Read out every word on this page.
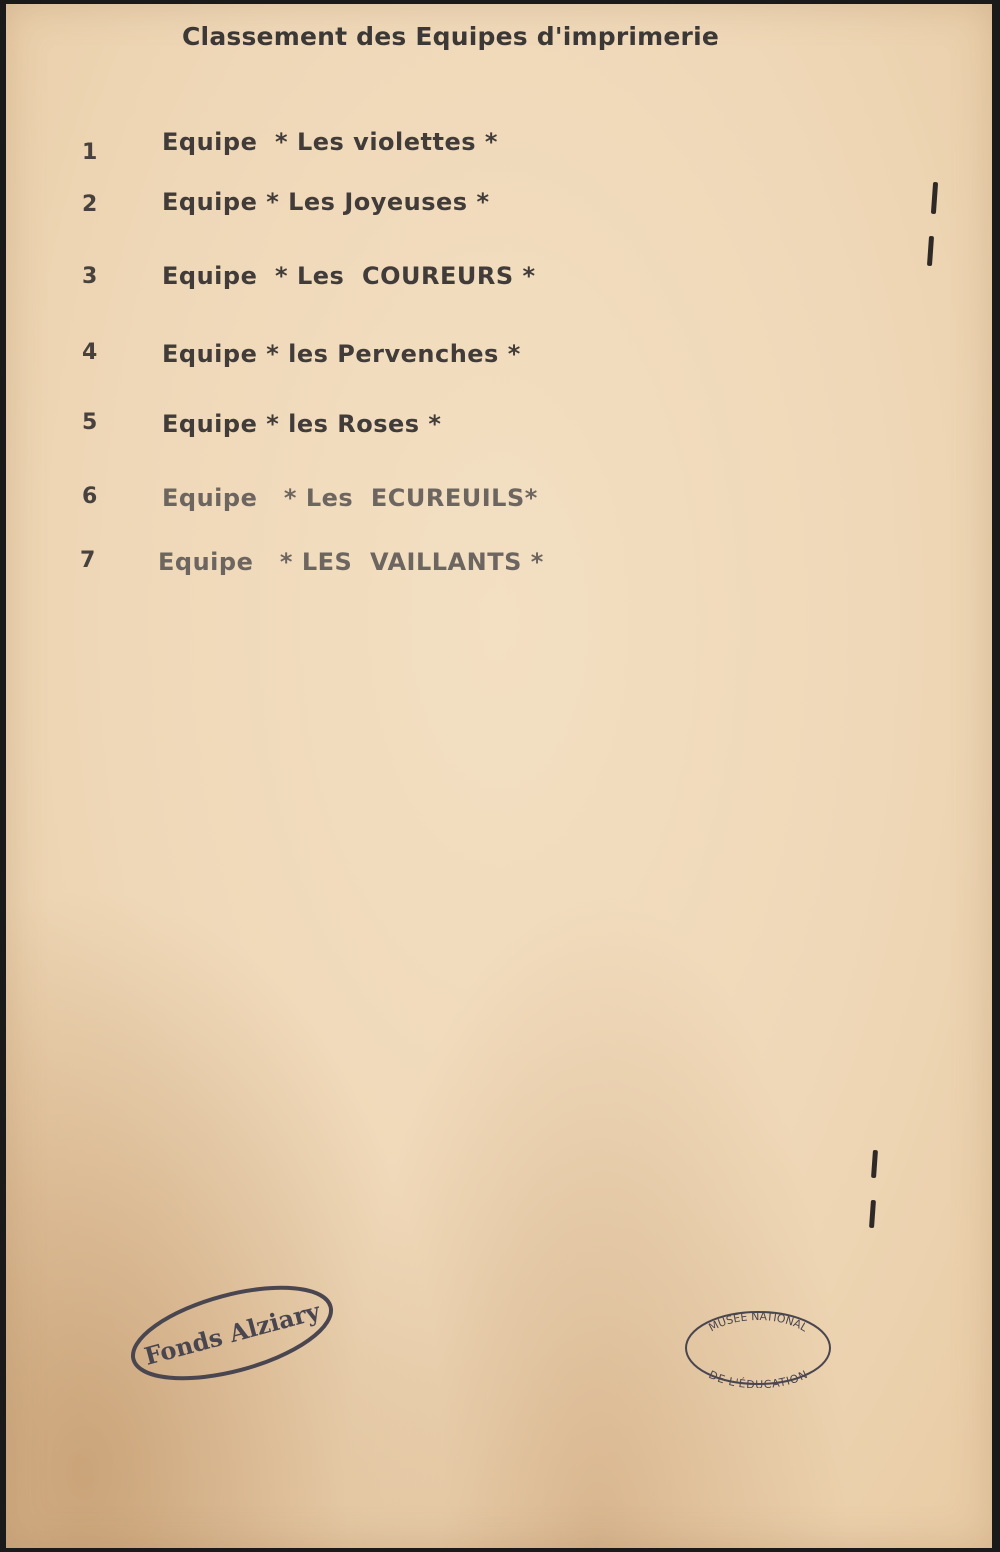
Classement des Equipes d'imprimerie
1	Equipe  * Les violettes *
2	Equipe * Les Joyeuses *
3	Equipe  * Les  COUREURS *
4	Equipe * les Pervenches *
5	Equipe * les Roses *
6	Equipe   * Les  ECUREUILS*
7	Equipe   * LES  VAILLANTS *
Fonds Alziary	MUSEE NATIONAL
DE L'ÉDUCATION
